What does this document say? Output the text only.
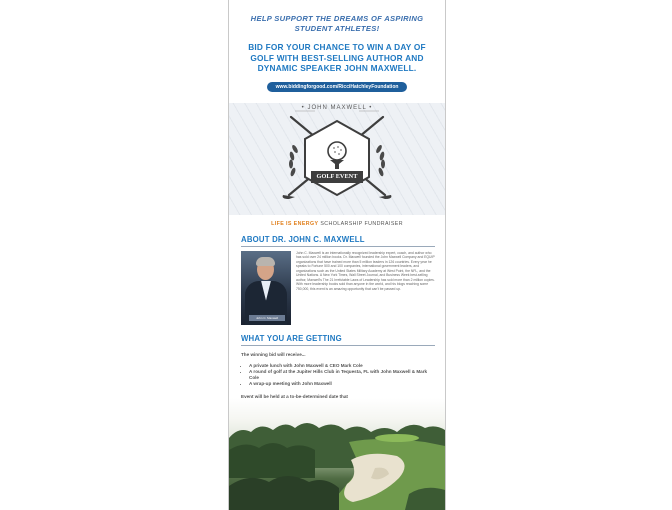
HELP SUPPORT THE DREAMS OF ASPIRING STUDENT ATHLETES!

BID FOR YOUR CHANCE TO WIN A DAY OF GOLF WITH BEST-SELLING AUTHOR AND DYNAMIC SPEAKER JOHN MAXWELL.

www.biddingforgood.com/RicciHatchleyFoundation
• JOHN MAXWELL •
GOLF EVENT
LIFE IS ENERGY SCHOLARSHIP FUNDRAISER
ABOUT DR. JOHN C. MAXWELL
John C. Maxwell
John C. Maxwell is an internationally recognized leadership expert, coach, and author who has sold over 24 million books. Dr. Maxwell founded the John Maxwell Company and EQUIP organizations that have trained more than 5 million leaders in 126 countries. Every year he speaks to Fortune 500 and 100 companies, international government leaders, and organizations such as the United States Military Academy at West Point, the NFL, and the United Nations. A New York Times, Wall Street Journal, and Business Week best-selling author, Maxwell's The 21 Irrefutable Laws of Leadership has sold more than 2 million copies. With more leadership books sold than anyone in the world, and his blogs reaching some 750,000, this event is an amazing opportunity that can't be passed up.
WHAT YOU ARE GETTING
The winning bid will receive...
• A private lunch with John Maxwell & CEO Mark Cole
• A round of golf at the Jupiter Hills Club in Tequesta, FL with John Maxwell & Mark Cole
• A wrap-up meeting with John Maxwell
Event will be held at a to-be-determined date that
